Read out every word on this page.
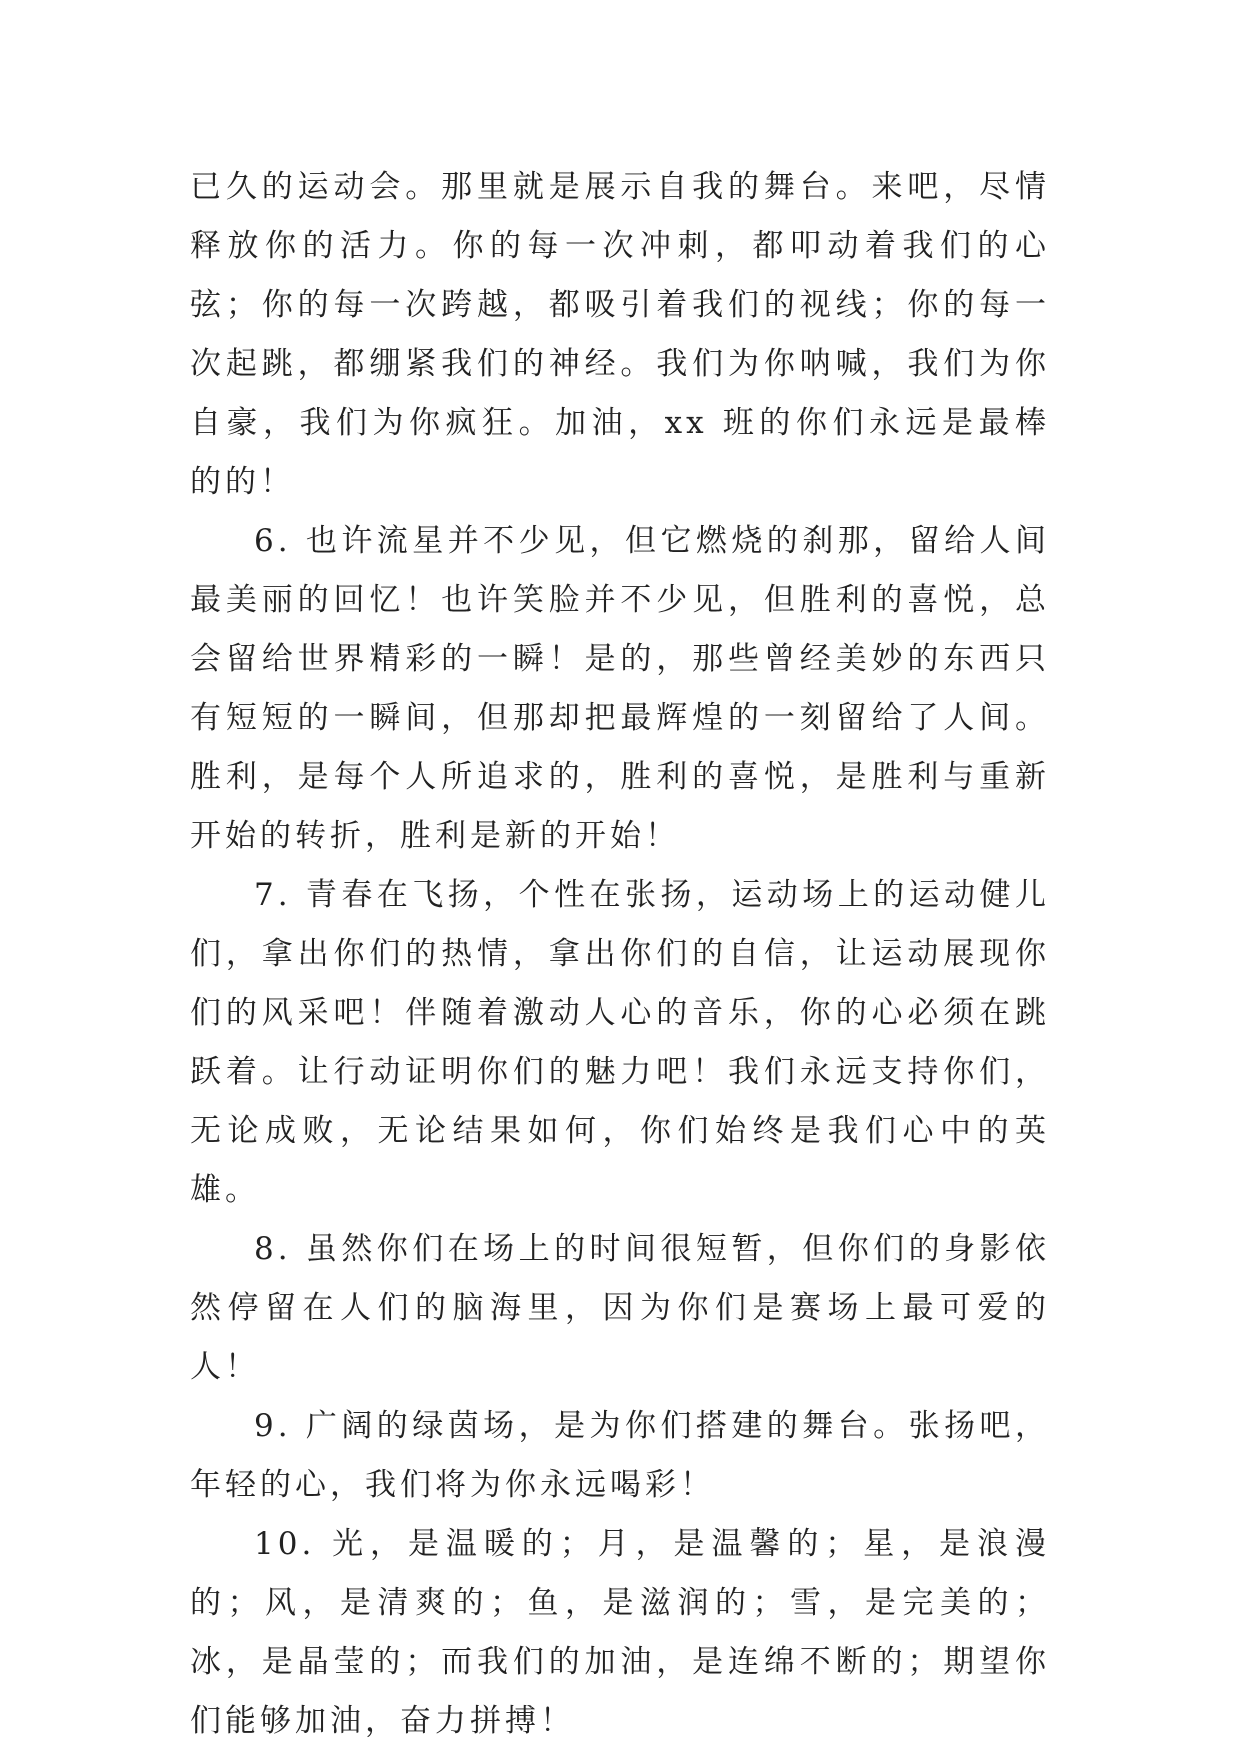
已久的运动会。那里就是展示自我的舞台。来吧，尽情释放你的活力。你的每一次冲刺，都叩动着我们的心弦；你的每一次跨越，都吸引着我们的视线；你的每一次起跳，都绷紧我们的神经。我们为你呐喊，我们为你自豪，我们为你疯狂。加油，xx 班的你们永远是最棒的的！

6. 也许流星并不少见，但它燃烧的刹那，留给人间最美丽的回忆！也许笑脸并不少见，但胜利的喜悦，总会留给世界精彩的一瞬！是的，那些曾经美妙的东西只有短短的一瞬间，但那却把最辉煌的一刻留给了人间。胜利，是每个人所追求的，胜利的喜悦，是胜利与重新开始的转折，胜利是新的开始！

7. 青春在飞扬，个性在张扬，运动场上的运动健儿们，拿出你们的热情，拿出你们的自信，让运动展现你们的风采吧！伴随着激动人心的音乐，你的心必须在跳跃着。让行动证明你们的魅力吧！我们永远支持你们，无论成败，无论结果如何，你们始终是我们心中的英雄。

8. 虽然你们在场上的时间很短暂，但你们的身影依然停留在人们的脑海里，因为你们是赛场上最可爱的人！

9. 广阔的绿茵场，是为你们搭建的舞台。张扬吧，年轻的心，我们将为你永远喝彩！

10. 光，是温暖的；月，是温馨的；星，是浪漫的；风，是清爽的；鱼，是滋润的；雪，是完美的；冰，是晶莹的；而我们的加油，是连绵不断的；期望你们能够加油，奋力拼搏！
